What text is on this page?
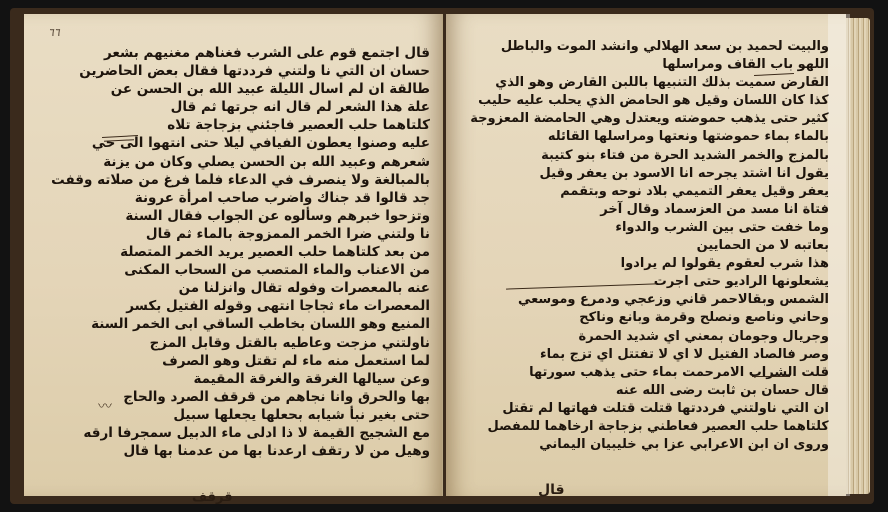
٦٦
قال اجتمع قوم على الشرب فغناهم مغنيهم بشعر
حسان ان التي نا ولتني فرددتها فقال بعض الحاضرين
طالقة ان لم اسال الليلة عبيد الله بن الحسن عن
علة هذا الشعر لم قال انه جرتها ثم قال
كلتاهما حلب العصير فاجئني بزجاجة تلاه
عليه وصنوا يعطون الفيافي ليلا حتى انتهوا الى حي
شعرهم وعبيد الله بن الحسن يصلي وكان من يزنة
بالمبالغة ولا ينصرف في الدعاء فلما فرغ من صلاته وقفت
جد قالوا قد جناك واضرب صاحب امرأة عرونة
وتزحوا خبرهم وسألوه عن الجواب فقال السنة
نا ولتني ضرا الخمر الممزوجة بالماء ثم قال
من بعد كلتاهما حلب العصير يريد الخمر المتصلة
من الاعناب والماء المتصب من السحاب المكنى
عنه بالمعصرات وفوله تقال وانزلنا من
المعصرات ماء ثجاجا انتهى وقوله الفتيل بكسر
المنيع وهو اللسان بخاطب الساقي ابى الخمر السنة
ناولتني مزجت وعاطيه بالقتل وقابل المزج
لما استعمل منه ماء لم تقتل وهو الصرف
وعن سيالها الغرقة والغرقة المقيمة
بها والحرق وانا نجاهم من قرقف الصرد والحاج
حتى بغير نبأ شيابه بحعلها يجعلها سبيل
مع الشجيج القيمة لا ذا ادلى ماء الدبيل سمجرفا ارقه
وهيل من لا رتقف ارعدنا بها من عدمنا بها قال
〰
قرقف
والبيت لحميد بن سعد الهلالي وانشد الموت والباطل
اللهو باب القاف ومراسلها
القارض سميت بذلك التنبيها باللبن القارض وهو الذي
كذا كان اللسان وقيل هو الحامض الذي يحلب عليه حليب
كثير حتى يذهب حموضته ويعتدل وهي الحامضة المعزوجة
بالماء بماء حموضتها ونعتها ومراسلها القائله
بالمزج والخمر الشديد الحرة من فتاء بنو كتيبة
يقول انا اشتد يجرحه انا الاسود بن يعفر وقيل
يعفر وقيل يعفر التميمي بلاد نوحه وبتقمم
فتاة انا مسد من العزسماد وقال آخر
وما خفت حتى بين الشرب والدواء
بعاتبه لا من الحمايين
هذا شرب لعقوم يقولوا لم يرادوا
يشعلونها الراديو حتى اجرت
الشمس وبقالاحمر قاني وزعجي ودمرع وموسعي
وحاني وناصع ونصلح وقرمة وبانع وناكح
وجريال وجومان بمعني اي شديد الحمرة
وصر فالصاد الفتيل لا اي لا تفتتل اي تزج بماء
قلت الشراب الامرحمت بماء حتى يذهب سورتها
قال حسان بن ثابت رضى الله عنه
ان التي ناولتني فرددتها قتلت قتلت فهاتها لم تقتل
كلتاهما حلب العصير فعاطني بزجاجة ارخاهما للمفصل
وروى ان ابن الاعرابي عزا بي خليبيان اليماني
قال
